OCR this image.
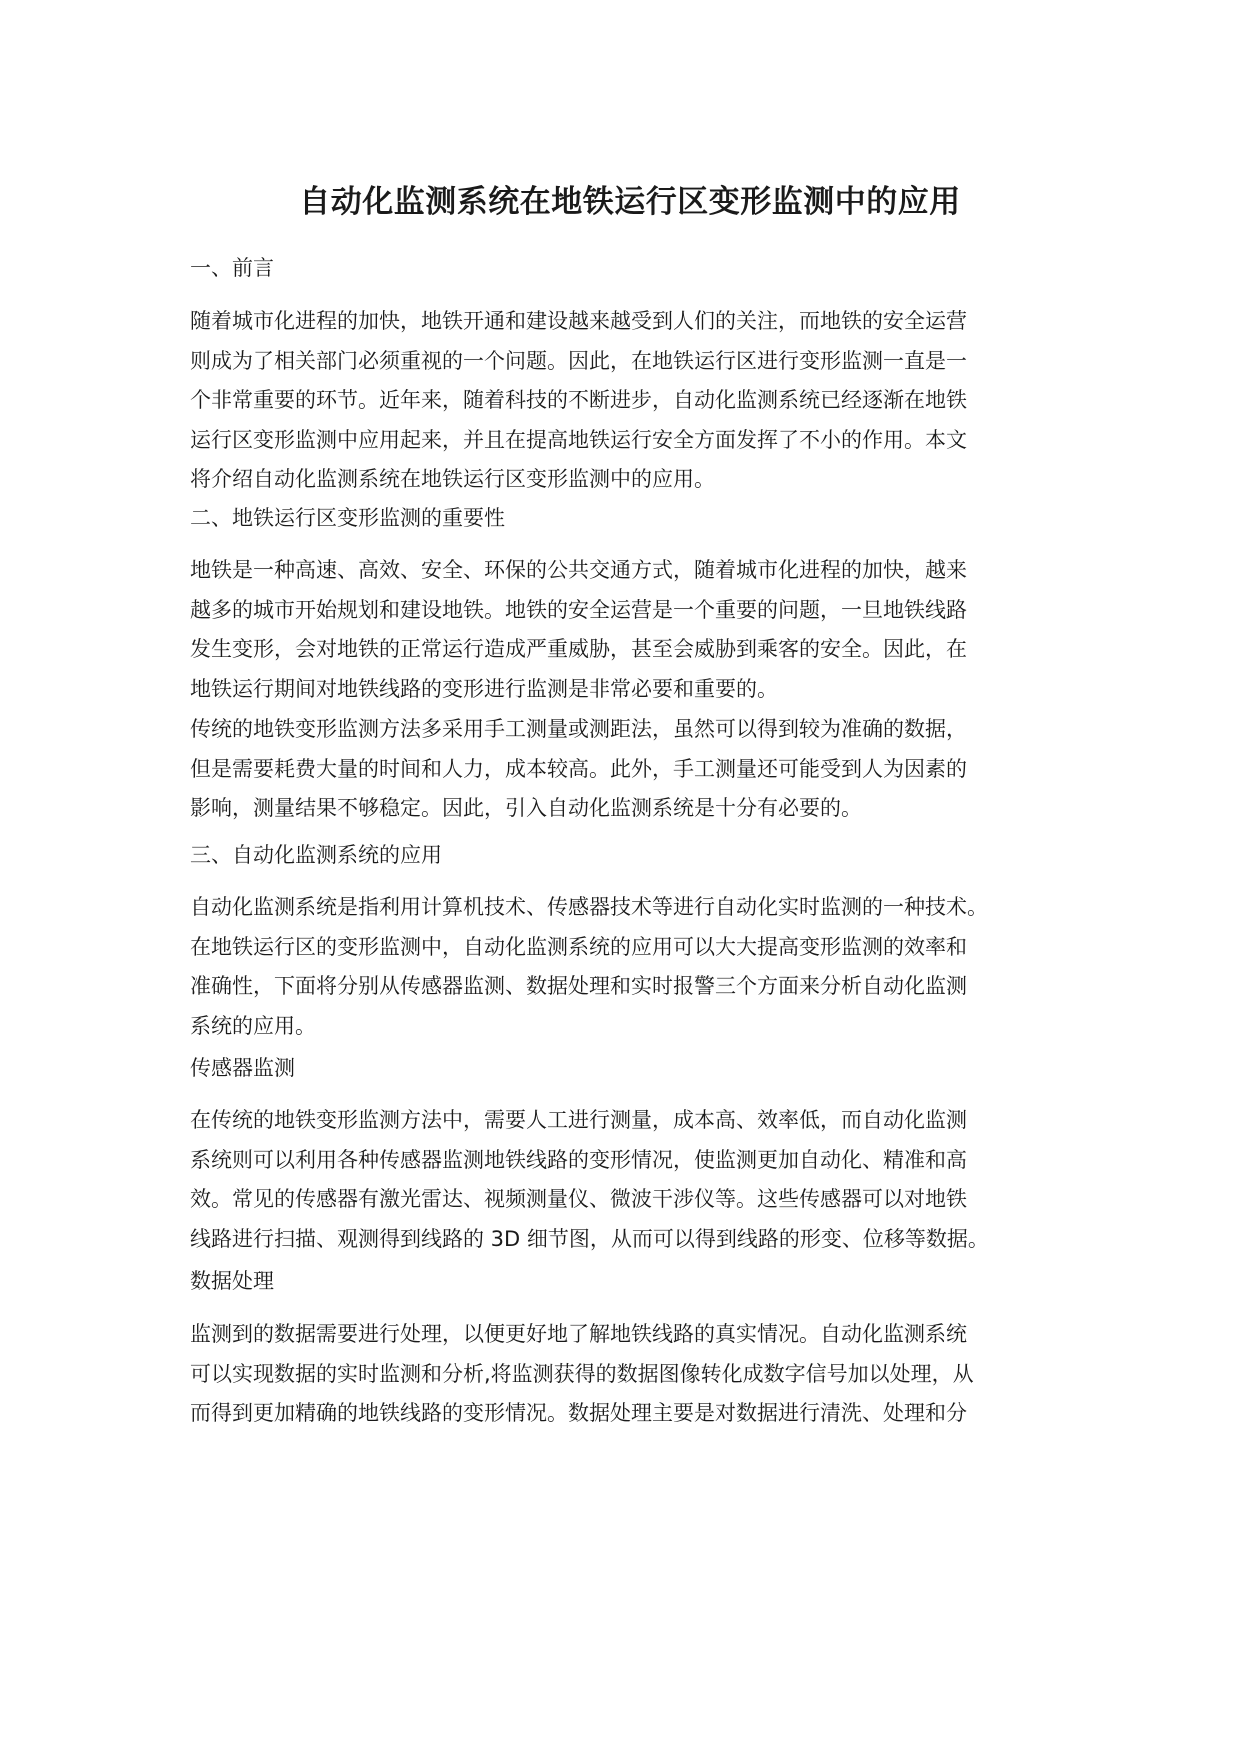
自动化监测系统在地铁运行区变形监测中的应用
一、前言
随着城市化进程的加快，地铁开通和建设越来越受到人们的关注，而地铁的安全运营
则成为了相关部门必须重视的一个问题。因此，在地铁运行区进行变形监测一直是一
个非常重要的环节。近年来，随着科技的不断进步，自动化监测系统已经逐渐在地铁
运行区变形监测中应用起来，并且在提高地铁运行安全方面发挥了不小的作用。本文
将介绍自动化监测系统在地铁运行区变形监测中的应用。
二、地铁运行区变形监测的重要性
地铁是一种高速、高效、安全、环保的公共交通方式，随着城市化进程的加快，越来
越多的城市开始规划和建设地铁。地铁的安全运营是一个重要的问题，一旦地铁线路
发生变形，会对地铁的正常运行造成严重威胁，甚至会威胁到乘客的安全。因此，在
地铁运行期间对地铁线路的变形进行监测是非常必要和重要的。
传统的地铁变形监测方法多采用手工测量或测距法，虽然可以得到较为准确的数据，
但是需要耗费大量的时间和人力，成本较高。此外，手工测量还可能受到人为因素的
影响，测量结果不够稳定。因此，引入自动化监测系统是十分有必要的。
三、自动化监测系统的应用
自动化监测系统是指利用计算机技术、传感器技术等进行自动化实时监测的一种技术。
在地铁运行区的变形监测中，自动化监测系统的应用可以大大提高变形监测的效率和
准确性，下面将分别从传感器监测、数据处理和实时报警三个方面来分析自动化监测
系统的应用。
传感器监测
在传统的地铁变形监测方法中，需要人工进行测量，成本高、效率低，而自动化监测
系统则可以利用各种传感器监测地铁线路的变形情况，使监测更加自动化、精准和高
效。常见的传感器有激光雷达、视频测量仪、微波干涉仪等。这些传感器可以对地铁
线路进行扫描、观测得到线路的 3D 细节图，从而可以得到线路的形变、位移等数据。
数据处理
监测到的数据需要进行处理，以便更好地了解地铁线路的真实情况。自动化监测系统
可以实现数据的实时监测和分析,将监测获得的数据图像转化成数字信号加以处理，从
而得到更加精确的地铁线路的变形情况。数据处理主要是对数据进行清洗、处理和分
